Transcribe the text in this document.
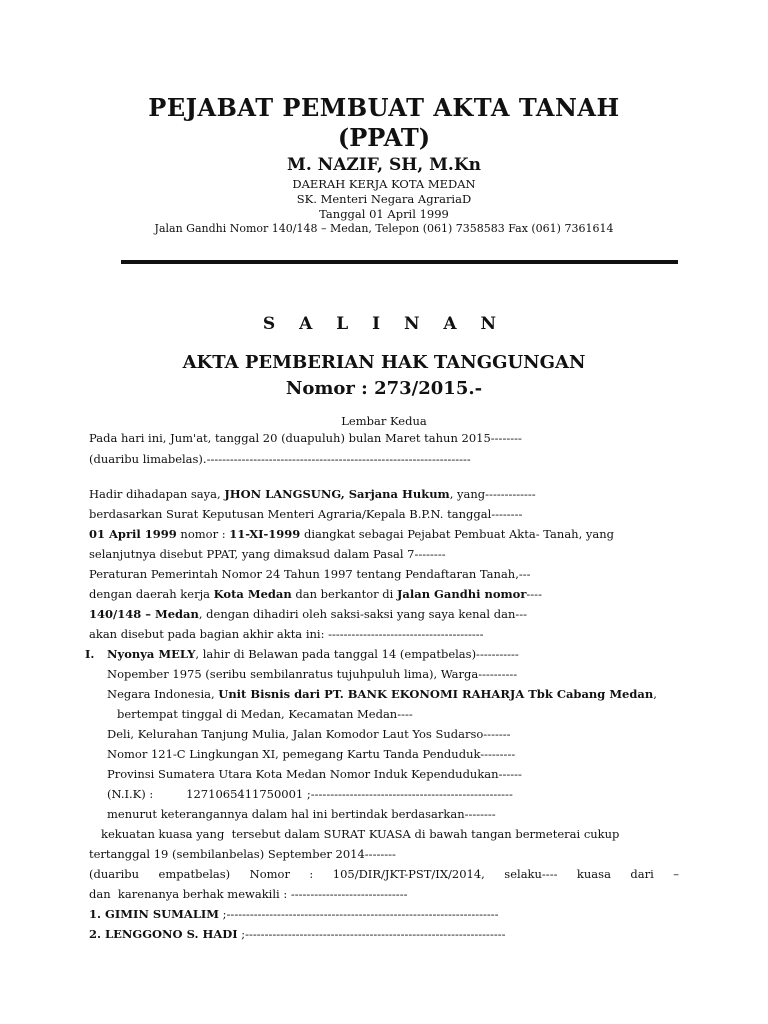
PEJABAT PEMBUAT AKTA TANAH
(PPAT)
M. NAZIF, SH, M.Kn
DAERAH KERJA KOTA MEDAN
SK. Menteri Negara AgrariaD
Tanggal 01 April 1999
Jalan Gandhi Nomor 140/148 – Medan, Telepon (061) 7358583 Fax (061) 7361614
S A L I N A N
AKTA PEMBERIAN HAK TANGGUNGAN
Nomor : 273/2015.-
Lembar Kedua
Pada hari ini, Jum'at, tanggal 20 (duapuluh) bulan Maret tahun 2015--------
(duaribu limabelas).--------------------------------------------------------------------
Hadir dihadapan saya, JHON LANGSUNG, Sarjana Hukum, yang-------------
berdasarkan Surat Keputusan Menteri Agraria/Kepala B.P.N. tanggal--------
01 April 1999 nomor : 11-XI-1999 diangkat sebagai Pejabat Pembuat Akta- Tanah, yang
selanjutnya disebut PPAT, yang dimaksud dalam Pasal 7--------
Peraturan Pemerintah Nomor 24 Tahun 1997 tentang Pendaftaran Tanah,---
dengan daerah kerja Kota Medan dan berkantor di Jalan Gandhi nomor----
140/148 – Medan, dengan dihadiri oleh saksi-saksi yang saya kenal dan---
akan disebut pada bagian akhir akta ini: ----------------------------------------
I. Nyonya MELY, lahir di Belawan pada tanggal 14 (empatbelas)-----------
Nopember 1975 (seribu sembilanratus tujuhpuluh lima), Warga----------
Negara Indonesia, Unit Bisnis dari PT. BANK EKONOMI RAHARJA Tbk Cabang Medan,
bertempat tinggal di Medan, Kecamatan Medan----
Deli, Kelurahan Tanjung Mulia, Jalan Komodor Laut Yos Sudarso-------
Nomor 121-C Lingkungan XI, pemegang Kartu Tanda Penduduk---------
Provinsi Sumatera Utara Kota Medan Nomor Induk Kependudukan------
(N.I.K) :         1271065411750001 ;----------------------------------------------------
menurut keterangannya dalam hal ini bertindak berdasarkan--------
kekuatan kuasa yang  tersebut dalam SURAT KUASA di bawah tangan bermeterai cukup
tertanggal 19 (sembilanbelas) September 2014--------
(duaribu empatbelas) Nomor : 105/DIR/JKT-PST/IX/2014, selaku---- kuasa dari –
dan  karenanya berhak mewakili : ------------------------------
1. GIMIN SUMALIM ;----------------------------------------------------------------------
2. LENGGONO S. HADI ;-------------------------------------------------------------------
